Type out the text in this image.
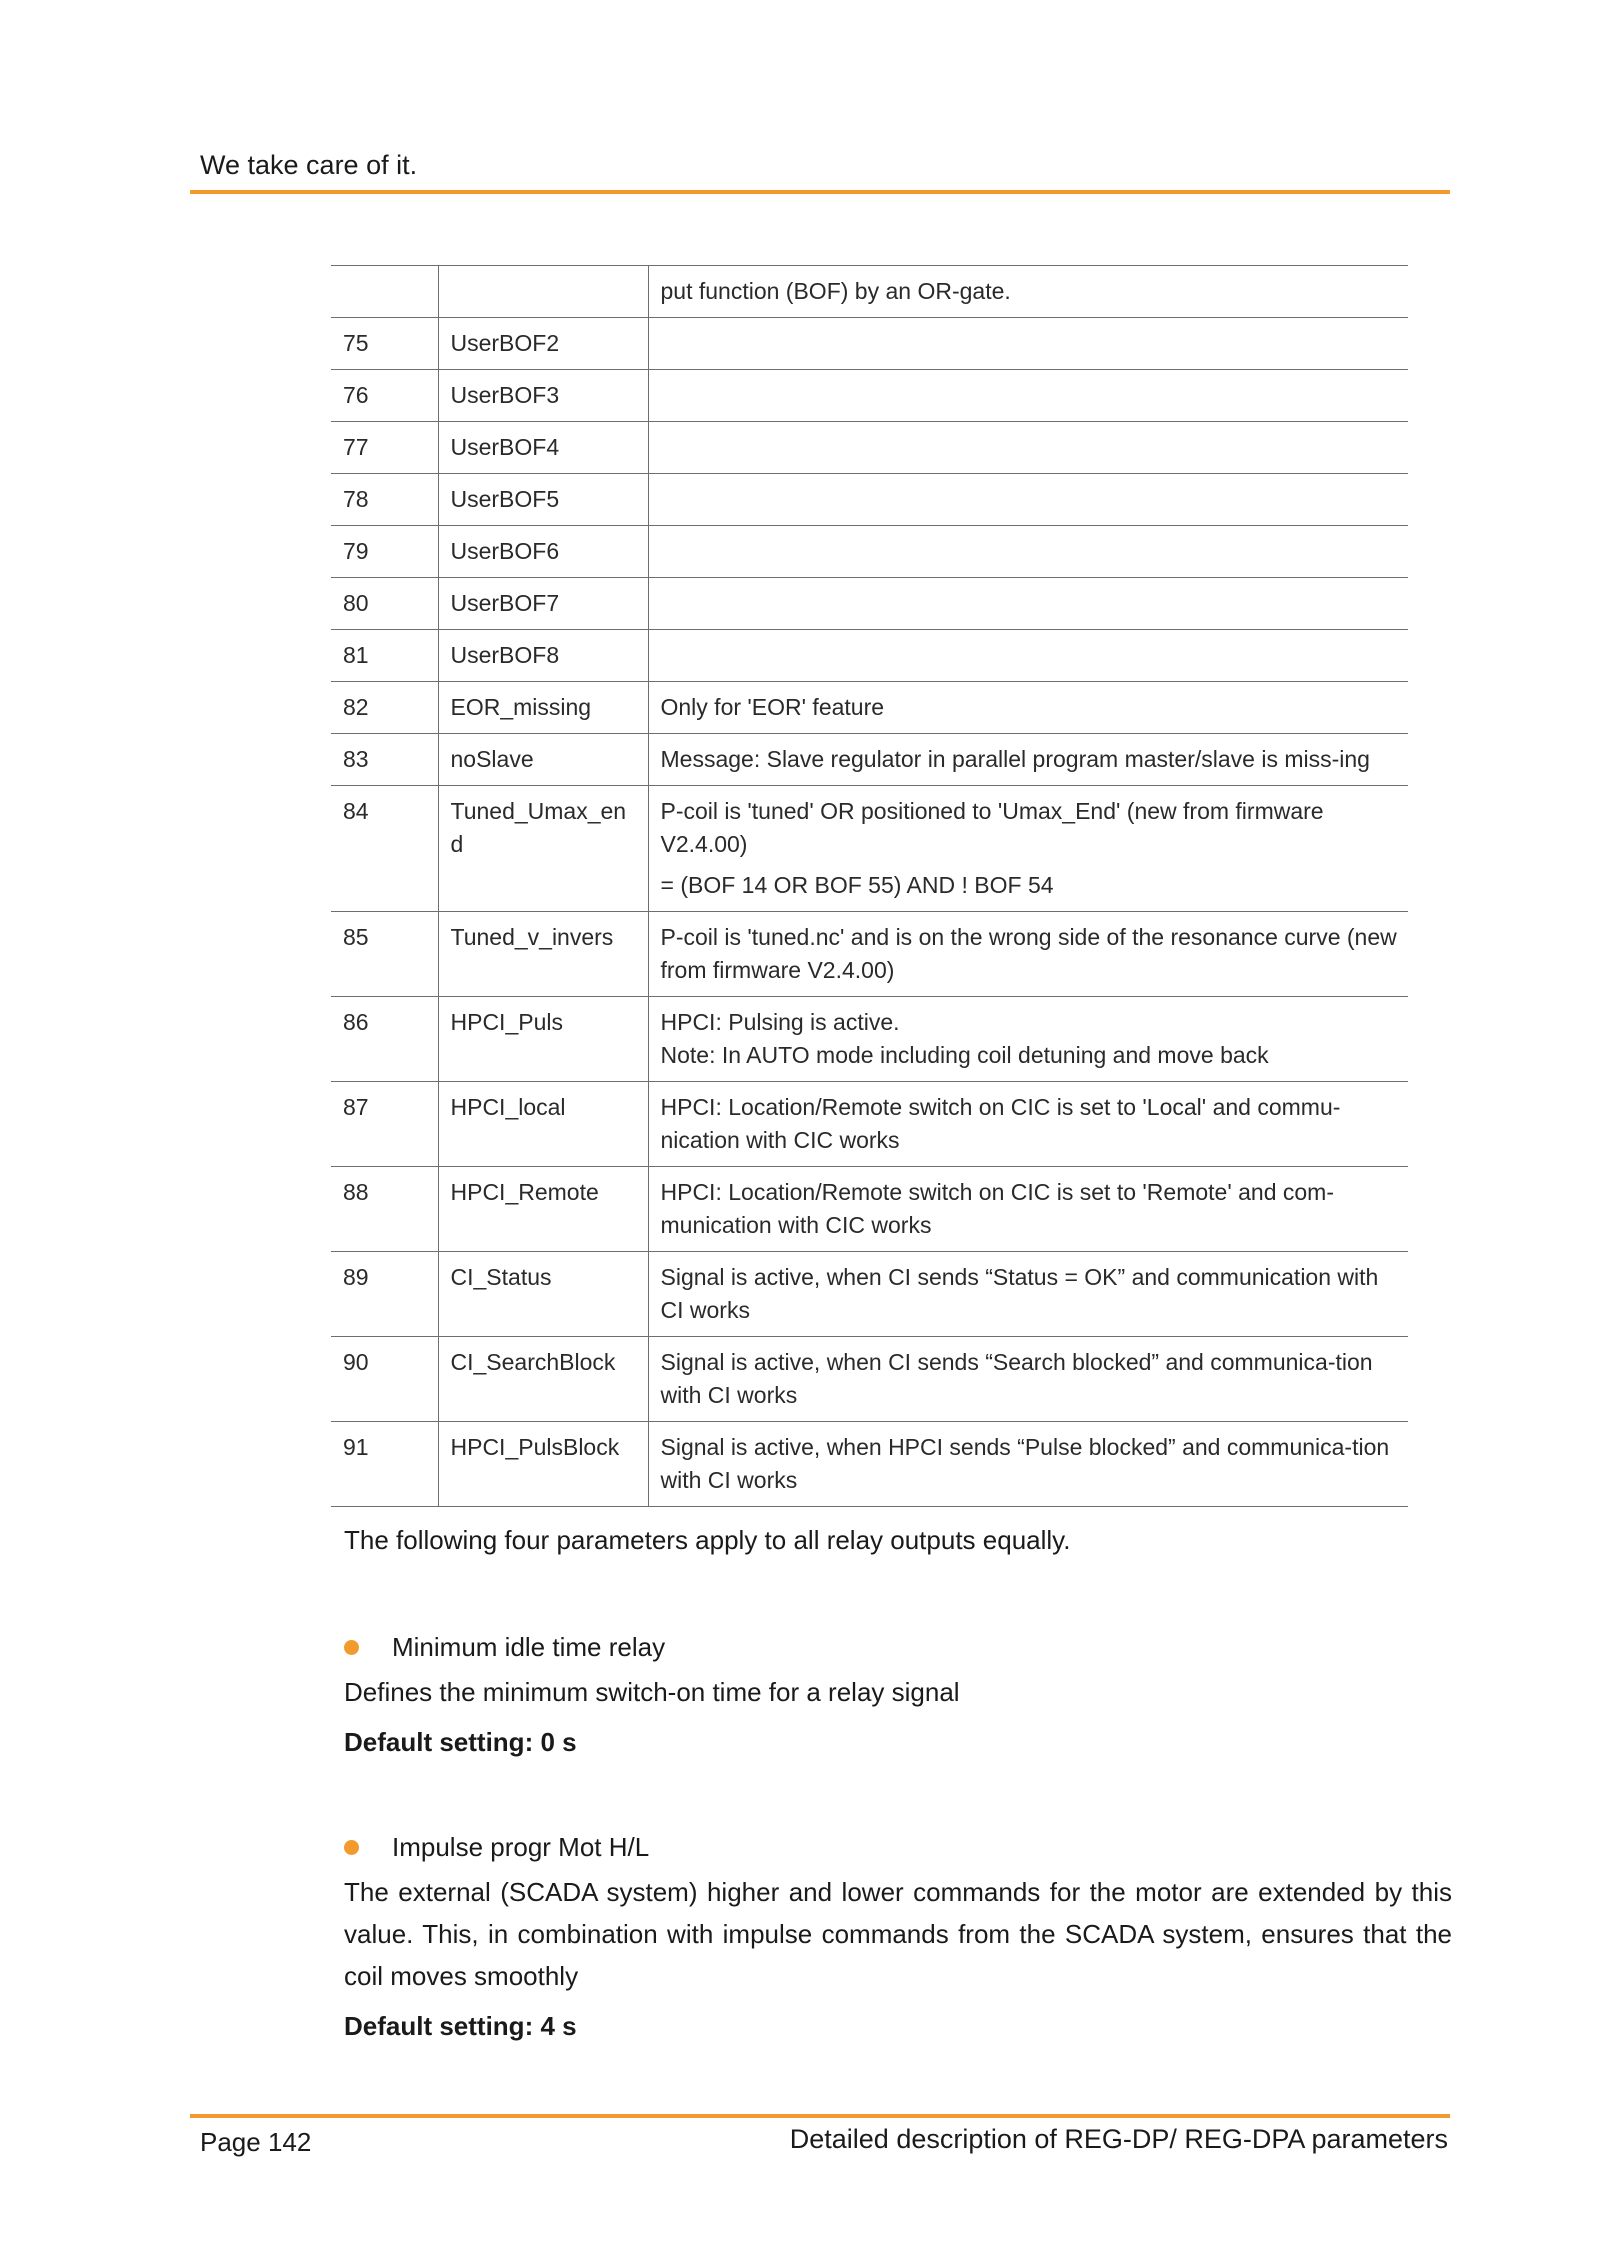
We take care of it.

		put function (BOF) by an OR-gate.

75	UserBOF2	
76	UserBOF3	
77	UserBOF4	
78	UserBOF5	
79	UserBOF6	
80	UserBOF7	
81	UserBOF8	
82	EOR_missing	Only for 'EOR' feature

83	noSlave	Message: Slave regulator in parallel program master/slave is miss-ing

84	Tuned_Umax_end	P-coil is 'tuned' OR positioned to 'Umax_End' (new from firmware V2.4.00)
= (BOF 14 OR BOF 55) AND ! BOF 54

85	Tuned_v_invers	P-coil is 'tuned.nc' and is on the wrong side of the resonance curve (new from firmware V2.4.00)

86	HPCI_Puls	HPCI: Pulsing is active.
Note: In AUTO mode including coil detuning and move back

87	HPCI_local	HPCI: Location/Remote switch on CIC is set to 'Local' and commu-nication with CIC works

88	HPCI_Remote	HPCI: Location/Remote switch on CIC is set to 'Remote' and com-munication with CIC works

89	CI_Status	Signal is active, when CI sends “Status = OK” and communication with CI works

90	CI_SearchBlock	Signal is active, when CI sends “Search blocked” and communica-tion with CI works

91	HPCI_PulsBlock	Signal is active, when HPCI sends “Pulse blocked” and communica-tion with CI works
The following four parameters apply to all relay outputs equally.
Minimum idle time relay
Defines the minimum switch-on time for a relay signal
Default setting: 0 s
Impulse progr Mot H/L
The external (SCADA system) higher and lower commands for the motor are extended by this value. This, in combination with impulse commands from the SCADA system, ensures that the coil moves smoothly
Default setting: 4 s
Page 142	Detailed description of REG-DP/ REG-DPA parameters
